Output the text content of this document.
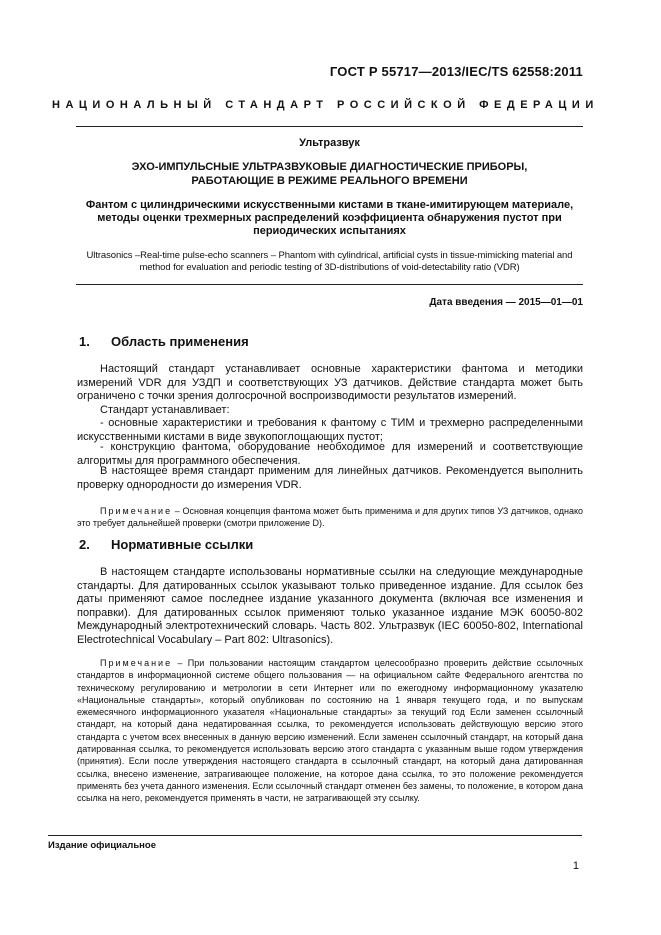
ГОСТ Р 55717—2013/IEC/TS 62558:2011
НАЦИОНАЛЬНЫЙ СТАНДАРТ РОССИЙСКОЙ ФЕДЕРАЦИИ
Ультразвук
ЭХО-ИМПУЛЬСНЫЕ УЛЬТРАЗВУКОВЫЕ ДИАГНОСТИЧЕСКИЕ ПРИБОРЫ,
РАБОТАЮЩИЕ В РЕЖИМЕ РЕАЛЬНОГО ВРЕМЕНИ
Фантом с цилиндрическими искусственными кистами в ткане-имитирующем материале,
методы оценки трехмерных распределений коэффициента обнаружения пустот при
периодических испытаниях
Ultrasonics –Real-time pulse-echo scanners – Phantom with cylindrical, artificial cysts in tissue-mimicking material and
method for evaluation and periodic testing of 3D-distributions of void-detectability ratio (VDR)
Дата введения — 2015—01—01
1. Область применения
Настоящий стандарт устанавливает основные характеристики фантома и методики измерений VDR для УЗДП и соответствующих УЗ датчиков. Действие стандарта может быть ограничено с точки зрения долгосрочной воспроизводимости результатов измерений.
Стандарт устанавливает:
- основные характеристики и требования к фантому с ТИМ и трехмерно распределенными искусственными кистами в виде звукопоглощающих пустот;
- конструкцию фантома, оборудование необходимое для измерений и соответствующие алгоритмы для программного обеспечения.
В настоящее время стандарт применим для линейных датчиков. Рекомендуется выполнить проверку однородности до измерения VDR.
Примечание – Основная концепция фантома может быть применима и для других типов УЗ датчиков, однако это требует дальнейшей проверки (смотри приложение D).
2. Нормативные ссылки
В настоящем стандарте использованы нормативные ссылки на следующие международные стандарты. Для датированных ссылок указывают только приведенное издание. Для ссылок без даты применяют самое последнее издание указанного документа (включая все изменения и поправки). Для датированных ссылок применяют только указанное издание МЭК 60050-802 Международный электротехнический словарь. Часть 802. Ультразвук (IEC 60050-802, International Electrotechnical Vocabulary – Part 802: Ultrasonics).
Примечание – При пользовании настоящим стандартом целесообразно проверить действие ссылочных стандартов в информационной системе общего пользования — на официальном сайте Федерального агентства по техническому регулированию и метрологии в сети Интернет или по ежегодному информационному указателю «Национальные стандарты», который опубликован по состоянию на 1 января текущего года, и по выпускам ежемесячного информационного указателя «Национальные стандарты» за текущий год Если заменен ссылочный стандарт, на который дана недатированная ссылка, то рекомендуется использовать действующую версию этого стандарта с учетом всех внесенных в данную версию изменений. Если заменен ссылочный стандарт, на который дана датированная ссылка, то рекомендуется использовать версию этого стандарта с указанным выше годом утверждения (принятия). Если после утверждения настоящего стандарта в ссылочный стандарт, на который дана датированная ссылка, внесено изменение, затрагивающее положение, на которое дана ссылка, то это положение рекомендуется применять без учета данного изменения. Если ссылочный стандарт отменен без замены, то положение, в котором дана ссылка на него, рекомендуется применять в части, не затрагивающей эту ссылку.
Издание официальное
1
